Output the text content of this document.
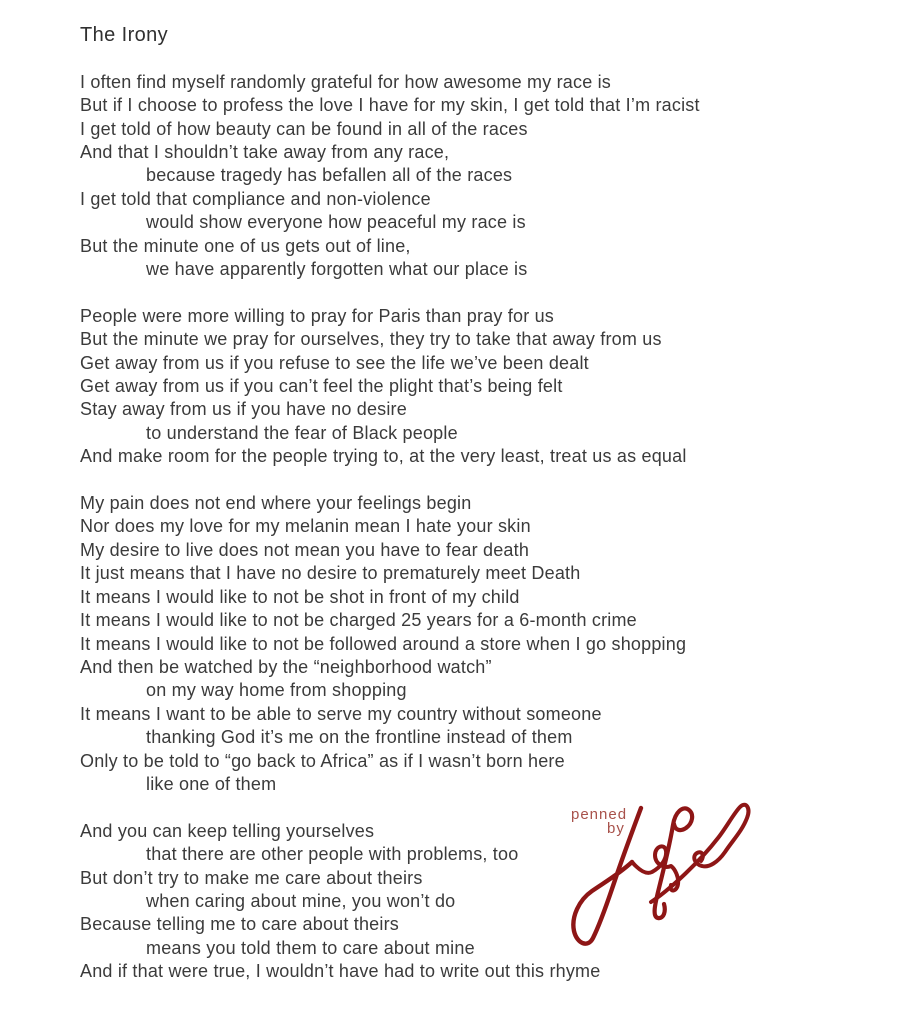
The Irony
I often find myself randomly grateful for how awesome my race is
But if I choose to profess the love I have for my skin, I get told that I’m racist
I get told of how beauty can be found in all of the races
And that I shouldn’t take away from any race,
because tragedy has befallen all of the races
I get told that compliance and non-violence
would show everyone how peaceful my race is
But the minute one of us gets out of line,
we have apparently forgotten what our place is
People were more willing to pray for Paris than pray for us
But the minute we pray for ourselves, they try to take that away from us
Get away from us if you refuse to see the life we’ve been dealt
Get away from us if you can’t feel the plight that’s being felt
Stay away from us if you have no desire
to understand the fear of Black people
And make room for the people trying to, at the very least, treat us as equal
My pain does not end where your feelings begin
Nor does my love for my melanin mean I hate your skin
My desire to live does not mean you have to fear death
It just means that I have no desire to prematurely meet Death
It means I would like to not be shot in front of my child
It means I would like to not be charged 25 years for a 6-month crime
It means I would like to not be followed around a store when I go shopping
And then be watched by the “neighborhood watch”
on my way home from shopping
It means I want to be able to serve my country without someone
thanking God it’s me on the frontline instead of them
Only to be told to “go back to Africa” as if I wasn’t born here
like one of them
And you can keep telling yourselves
that there are other people with problems, too
But don’t try to make me care about theirs
when caring about mine, you won’t do
Because telling me to care about theirs
means you told them to care about mine
And if that were true, I wouldn’t have had to write out this rhyme
penned
by
